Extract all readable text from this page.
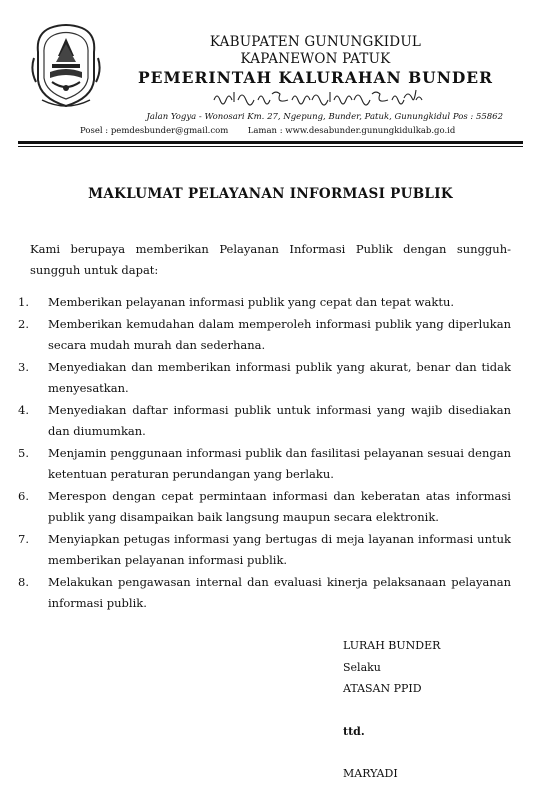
KABUPATEN GUNUNGKIDUL
KAPANEWON PATUK
PEMERINTAH KALURAHAN BUNDER
Jalan Yogya - Wonosari Km. 27, Ngepung, Bunder, Patuk, Gunungkidul Pos : 55862
Posel : pemdesbunder@gmail.com Laman : www.desabunder.gunungkidulkab.go.id
MAKLUMAT PELAYANAN INFORMASI PUBLIK
Kami berupaya memberikan Pelayanan Informasi Publik dengan sungguh-sungguh untuk dapat:
1. Memberikan pelayanan informasi publik yang cepat dan tepat waktu.
2. Memberikan kemudahan dalam memperoleh informasi publik yang diperlukan secara mudah murah dan sederhana.
3. Menyediakan dan memberikan informasi publik yang akurat, benar dan tidak menyesatkan.
4. Menyediakan daftar informasi publik untuk informasi yang wajib disediakan dan diumumkan.
5. Menjamin penggunaan informasi publik dan fasilitasi pelayanan sesuai dengan ketentuan peraturan perundangan yang berlaku.
6. Merespon dengan cepat permintaan informasi dan keberatan atas informasi publik yang disampaikan baik langsung maupun secara elektronik.
7. Menyiapkan petugas informasi yang bertugas di meja layanan informasi untuk memberikan pelayanan informasi publik.
8. Melakukan pengawasan internal dan evaluasi kinerja pelaksanaan pelayanan informasi publik.
LURAH BUNDER
Selaku
ATASAN PPID
ttd.
MARYADI
